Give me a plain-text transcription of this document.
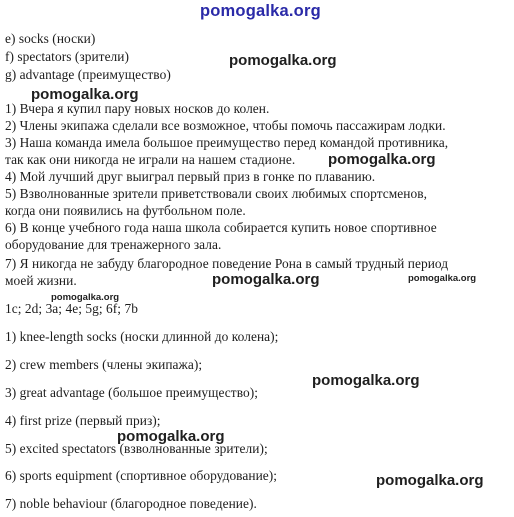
pomogalka.org
e) socks (носки)
f) spectators (зрители)
g) advantage (преимущество)
1) Вчера я купил пару новых носков до колен.
2) Члены экипажа сделали все возможное, чтобы помочь пассажирам лодки.
3) Наша команда имела большое преимущество перед командой противника,
так как они никогда не играли на нашем стадионе.
4) Мой лучший друг выиграл первый приз в гонке по плаванию.
5) Взволнованные зрители приветствовали своих любимых спортсменов,
когда они появились на футбольном поле.
6) В конце учебного года наша школа собирается купить новое спортивное
оборудование для тренажерного зала.
7) Я никогда не забуду благородное поведение Рона в самый трудный период
моей жизни.
1c; 2d; 3a; 4e; 5g; 6f; 7b
1) knee-length socks (носки длинной до колена);
2) crew members (члены экипажа);
3) great advantage (большое преимущество);
4) first prize (первый приз);
5) excited spectators (взволнованные зрители);
6) sports equipment (спортивное оборудование);
7) noble behaviour (благородное поведение).
pomogalka.org
pomogalka.org
pomogalka.org
pomogalka.org	pomogalka.org
pomogalka.org
pomogalka.org
pomogalka.org
pomogalka.org
